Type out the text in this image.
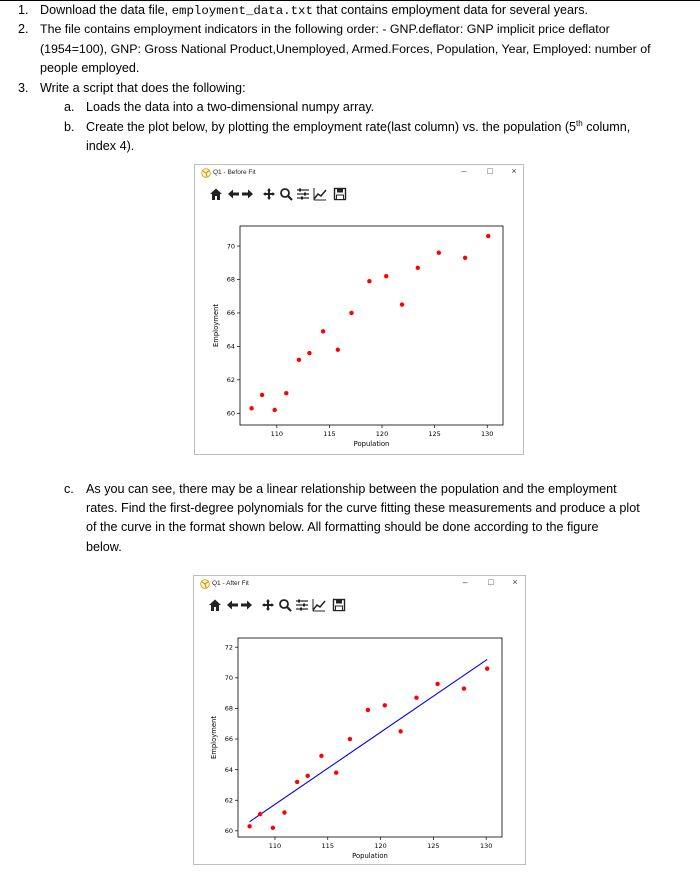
1. Download the data file, employment_data.txt that contains employment data for several years.
2. The file contains employment indicators in the following order: - GNP.deflator: GNP implicit price deflator
(1954=100), GNP: Gross National Product,Unemployed, Armed.Forces, Population, Year, Employed: number of
people employed.
3. Write a script that does the following:
a. Loads the data into a two-dimensional numpy array.
b. Create the plot below, by plotting the employment rate(last column) vs. the population (5th column,
index 4).
Q1 - Before Fit	–	□	×
110	115	120	125	130
60
62
64
66
68
70
Population
Employment
c. As you can see, there may be a linear relationship between the population and the employment
rates. Find the first-degree polynomials for the curve fitting these measurements and produce a plot
of the curve in the format shown below. All formatting should be done according to the figure
below.
Q1 - After Fit	–	□	×
110	115	120	125	130
60
62
64
66
68
70
72
Population
Employment
